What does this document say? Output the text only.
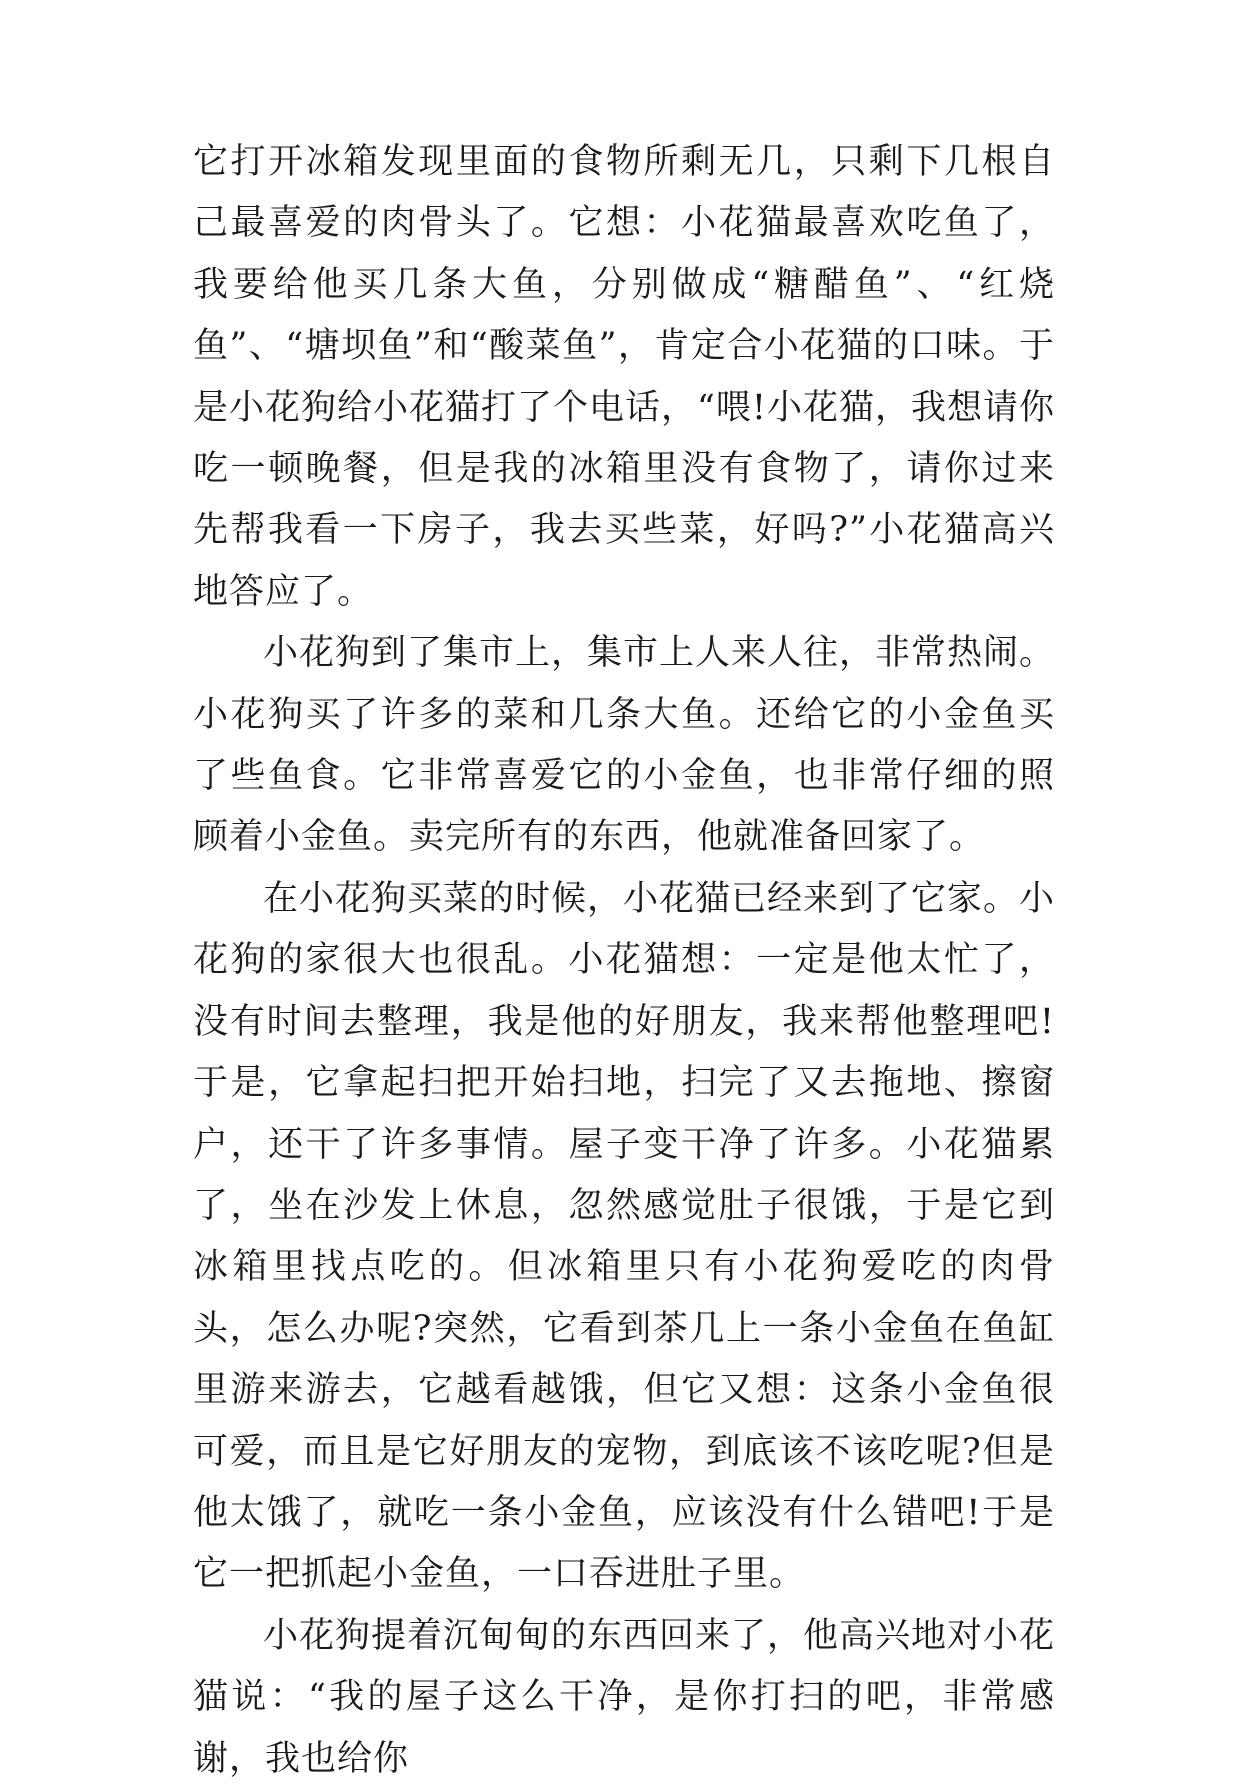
它打开冰箱发现里面的食物所剩无几，只剩下几根自己最喜爱的肉骨头了。它想：小花猫最喜欢吃鱼了，我要给他买几条大鱼，分别做成“糖醋鱼”、“红烧鱼”、“塘坝鱼”和“酸菜鱼”，肯定合小花猫的口味。于是小花狗给小花猫打了个电话，“喂!小花猫，我想请你吃一顿晚餐，但是我的冰箱里没有食物了，请你过来先帮我看一下房子，我去买些菜，好吗?”小花猫高兴地答应了。

小花狗到了集市上，集市上人来人往，非常热闹。小花狗买了许多的菜和几条大鱼。还给它的小金鱼买了些鱼食。它非常喜爱它的小金鱼，也非常仔细的照顾着小金鱼。卖完所有的东西，他就准备回家了。

在小花狗买菜的时候，小花猫已经来到了它家。小花狗的家很大也很乱。小花猫想：一定是他太忙了，没有时间去整理，我是他的好朋友，我来帮他整理吧!于是，它拿起扫把开始扫地，扫完了又去拖地、擦窗户，还干了许多事情。屋子变干净了许多。小花猫累了，坐在沙发上休息，忽然感觉肚子很饿，于是它到冰箱里找点吃的。但冰箱里只有小花狗爱吃的肉骨头，怎么办呢?突然，它看到茶几上一条小金鱼在鱼缸里游来游去，它越看越饿，但它又想：这条小金鱼很可爱，而且是它好朋友的宠物，到底该不该吃呢?但是他太饿了，就吃一条小金鱼，应该没有什么错吧!于是它一把抓起小金鱼，一口吞进肚子里。

小花狗提着沉甸甸的东西回来了，他高兴地对小花猫说：“我的屋子这么干净，是你打扫的吧，非常感谢，我也给你
